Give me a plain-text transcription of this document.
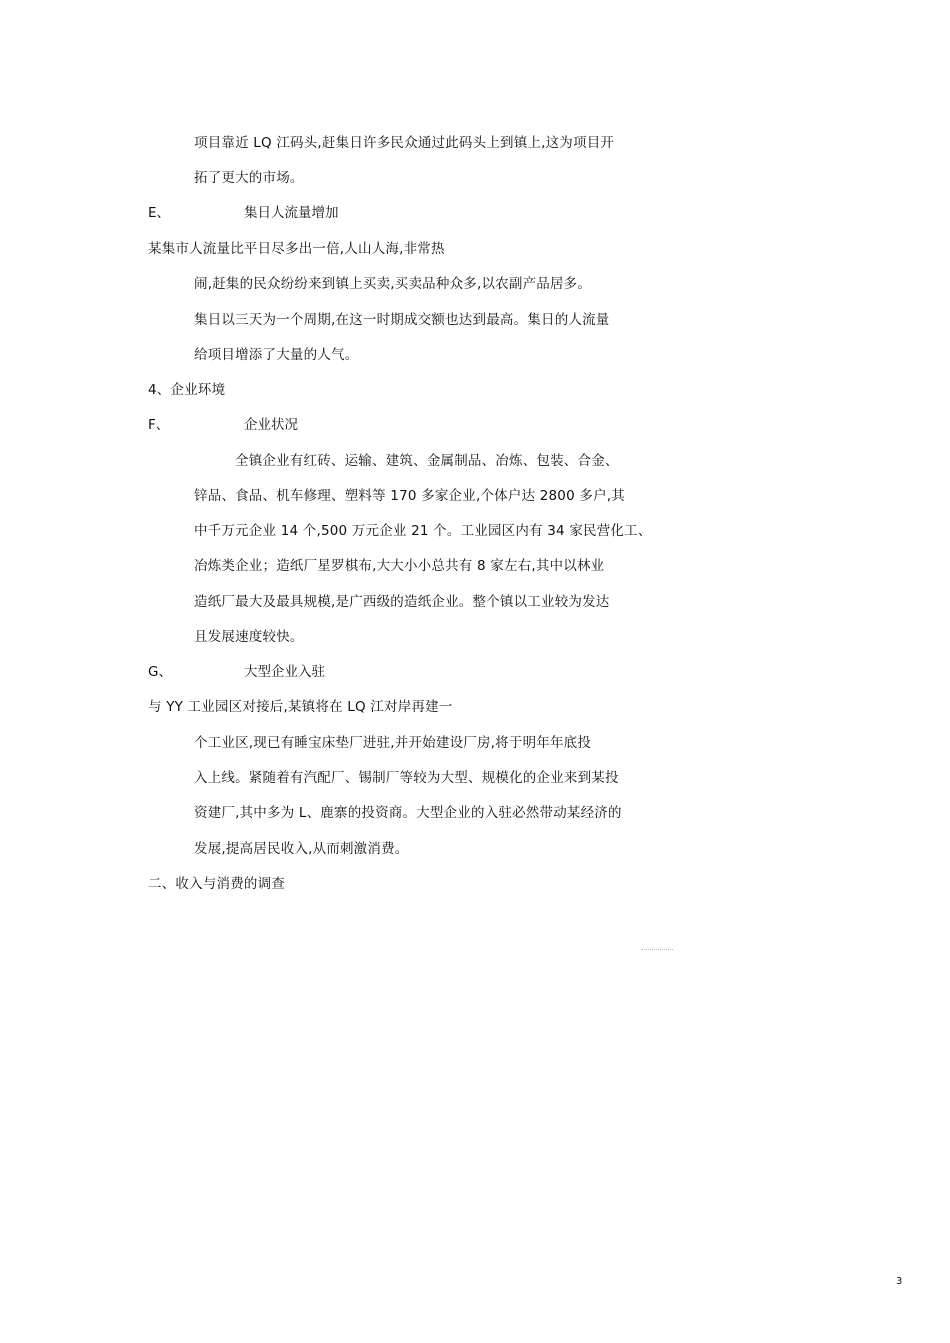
项目靠近 LQ 江码头,赶集日许多民众通过此码头上到镇上,这为项目开
拓了更大的市场。
E、	集日人流量增加
某集市人流量比平日尽多出一倍,人山人海,非常热
闹,赶集的民众纷纷来到镇上买卖,买卖品种众多,以农副产品居多。
集日以三天为一个周期,在这一时期成交额也达到最高。集日的人流量
给项目增添了大量的人气。
4、企业环境
F、	企业状况
全镇企业有红砖、运输、建筑、金属制品、冶炼、包装、合金、
锌品、食品、机车修理、塑料等 170 多家企业,个体户达 2800 多户,其
中千万元企业 14 个,500 万元企业 21 个。工业园区内有 34 家民营化工、
冶炼类企业；造纸厂星罗棋布,大大小小总共有 8 家左右,其中以林业
造纸厂最大及最具规模,是广西级的造纸企业。整个镇以工业较为发达
且发展速度较快。
G、	大型企业入驻
与 YY 工业园区对接后,某镇将在 LQ 江对岸再建一
个工业区,现已有睡宝床垫厂进驻,并开始建设厂房,将于明年年底投
入上线。紧随着有汽配厂、锡制厂等较为大型、规模化的企业来到某投
资建厂,其中多为 L、鹿寨的投资商。大型企业的入驻必然带动某经济的
发展,提高居民收入,从而刺激消费。
二、收入与消费的调查
3
